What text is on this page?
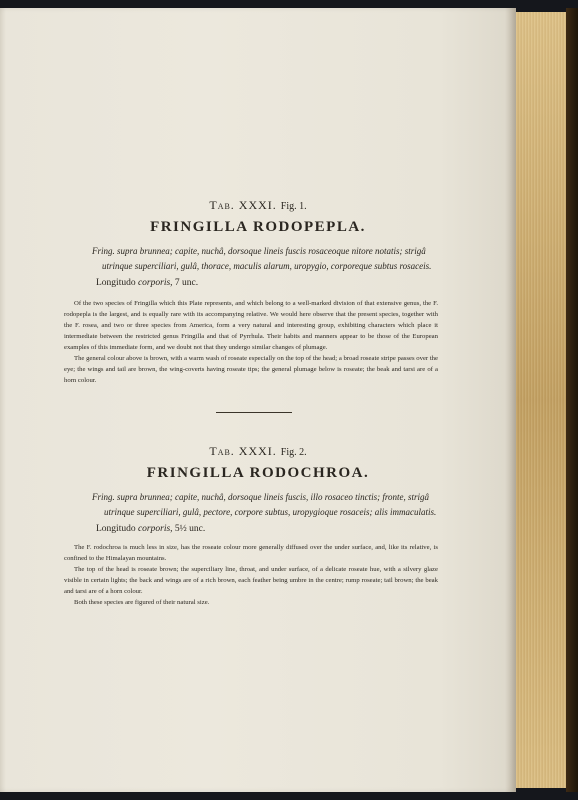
Tab. XXXI. Fig. 1.
FRINGILLA RODOPEPLA.

Fring. supra brunnea; capite, nuchâ, dorsoque lineis fuscis rosaceoque nitore notatis; strigâ

utrinque superciliari, gulâ, thorace, maculis alarum, uropygio, corporeque subtus rosaceis.

Longitudo corporis, 7 unc.

Of the two species of Fringilla which this Plate represents, and which belong to a well-marked division of that extensive genus, the F. rodopepla is the largest, and is equally rare with its accompanying relative. We would here observe that the present species, together with the F. rosea, and two or three species from America, form a very natural and interesting group, exhibiting characters which place it intermediate between the restricted genus Fringilla and that of Pyrrhula. Their habits and manners appear to be those of the European examples of this immediate form, and we doubt not that they undergo similar changes of plumage.

The general colour above is brown, with a warm wash of roseate especially on the top of the head; a broad roseate stripe passes over the eye; the wings and tail are brown, the wing-coverts having roseate tips; the general plumage below is roseate; the beak and tarsi are of a horn colour.

Tab. XXXI. Fig. 2.
FRINGILLA RODOCHROA.

Fring. supra brunnea; capite, nuchâ, dorsoque lineis fuscis, illo rosaceo tinctis; fronte, strigâ

utrinque superciliari, gulâ, pectore, corpore subtus, uropygioque rosaceis; alis immaculatis.

Longitudo corporis, 5½ unc.

The F. rodochroa is much less in size, has the roseate colour more generally diffused over the under surface, and, like its relative, is confined to the Himalayan mountains.

The top of the head is roseate brown; the superciliary line, throat, and under surface, of a delicate roseate hue, with a silvery glaze visible in certain lights; the back and wings are of a rich brown, each feather being umbre in the centre; rump roseate; tail brown; the beak and tarsi are of a horn colour.

Both these species are figured of their natural size.
